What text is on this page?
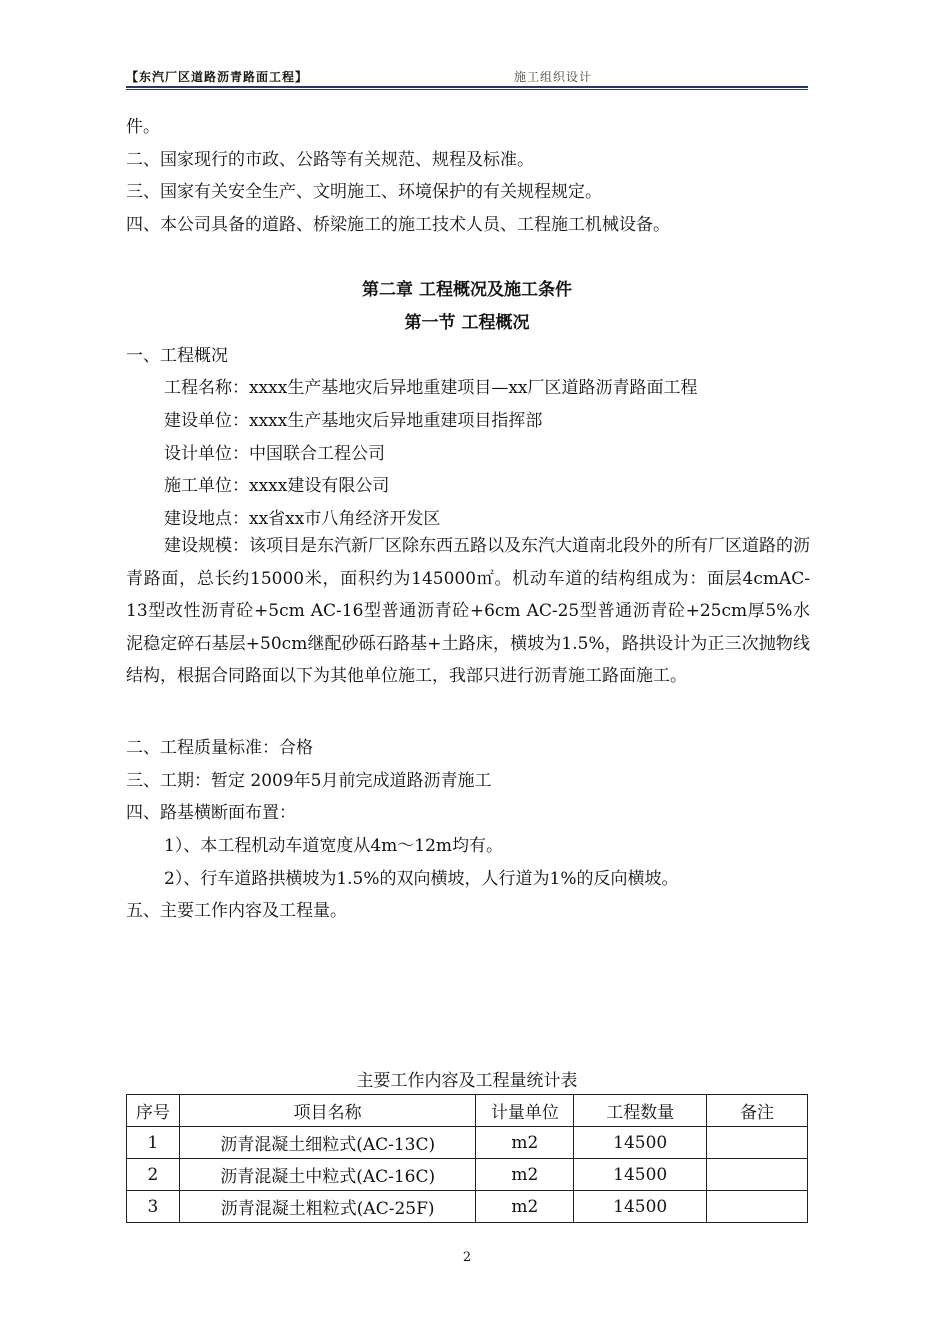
【东汽厂区道路沥青路面工程】	施工组织设计
件。
二、国家现行的市政、公路等有关规范、规程及标准。
三、国家有关安全生产、文明施工、环境保护的有关规程规定。
四、本公司具备的道路、桥梁施工的施工技术人员、工程施工机械设备。
第二章 工程概况及施工条件
第一节 工程概况
一、工程概况
工程名称：xxxx生产基地灾后异地重建项目—xx厂区道路沥青路面工程
建设单位：xxxx生产基地灾后异地重建项目指挥部
设计单位：中国联合工程公司
施工单位：xxxx建设有限公司
建设地点：xx省xx市八角经济开发区
建设规模：该项目是东汽新厂区除东西五路以及东汽大道南北段外的所有厂区道路的沥青路面，总长约15000米，面积约为145000㎡。机动车道的结构组成为：面层4cmAC-13型改性沥青砼+5cm AC-16型普通沥青砼+6cm AC-25型普通沥青砼+25cm厚5%水泥稳定碎石基层+50cm继配砂砾石路基+土路床，横坡为1.5%，路拱设计为正三次抛物线结构，根据合同路面以下为其他单位施工，我部只进行沥青施工路面施工。
二、工程质量标准：合格
三、工期：暂定 2009年5月前完成道路沥青施工
四、路基横断面布置：
1）、本工程机动车道宽度从4m～12m均有。
2）、行车道路拱横坡为1.5%的双向横坡，人行道为1%的反向横坡。
五、主要工作内容及工程量。
主要工作内容及工程量统计表
序号	项目名称	计量单位	工程数量	备注
1	沥青混凝土细粒式(AC-13C)	m2	14500	
2	沥青混凝土中粒式(AC-16C)	m2	14500	
3	沥青混凝土粗粒式(AC-25F)	m2	14500	
2
